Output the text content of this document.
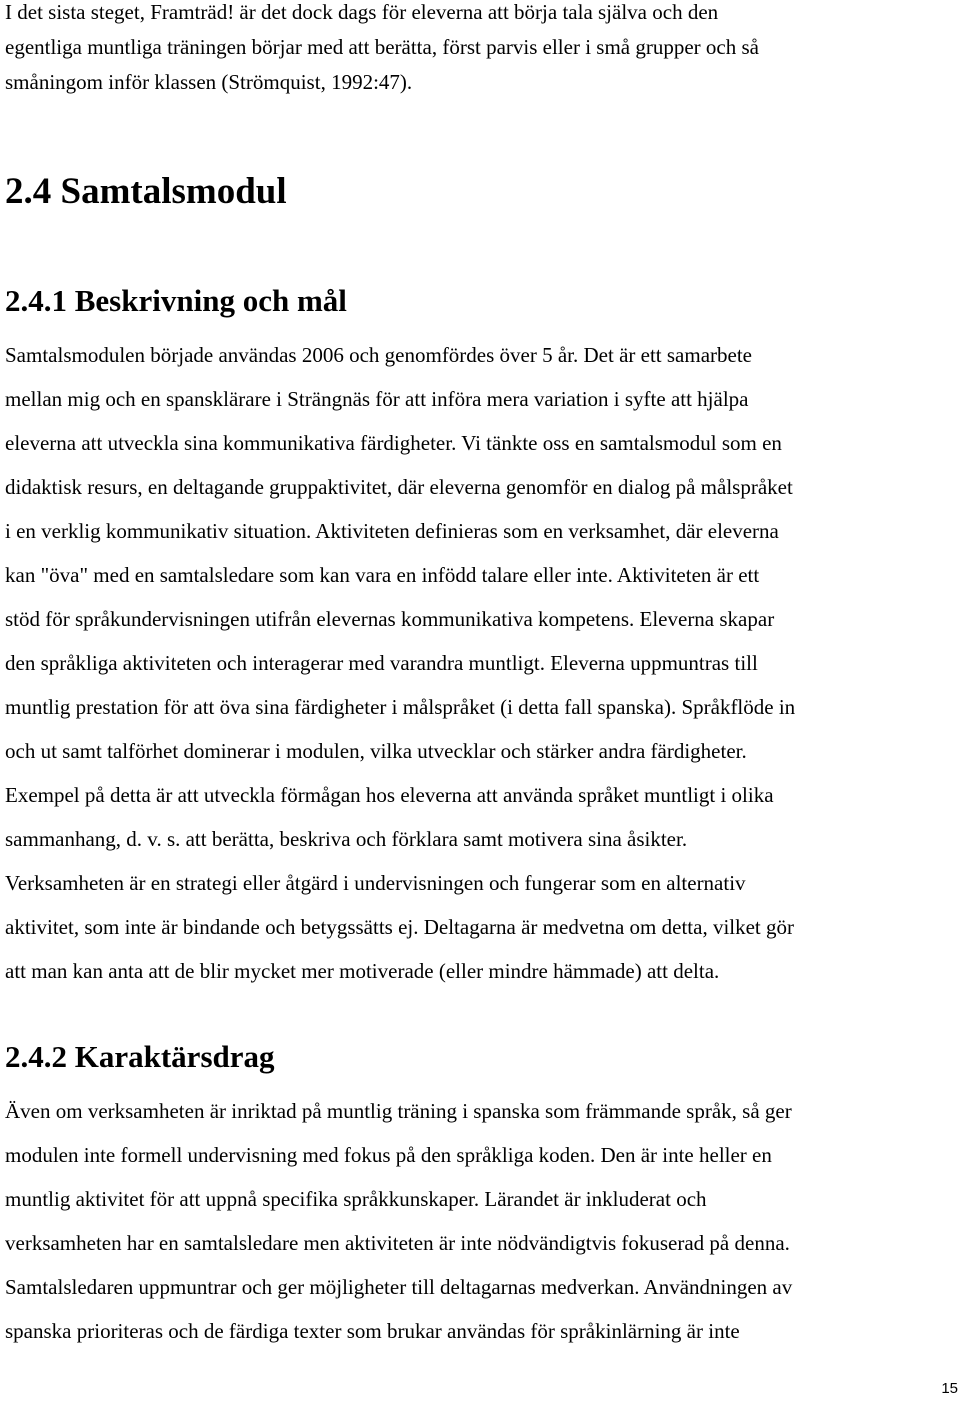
I det sista steget, Framträd! är det dock dags för eleverna att börja tala själva och den
egentliga muntliga träningen börjar med att berätta, först parvis eller i små grupper och så
småningom inför klassen (Strömquist, 1992:47).

2.4 Samtalsmodul
2.4.1 Beskrivning och mål

Samtalsmodulen började användas 2006 och genomfördes över 5 år. Det är ett samarbete
mellan mig och en spansklärare i Strängnäs för att införa mera variation i syfte att hjälpa
eleverna att utveckla sina kommunikativa färdigheter. Vi tänkte oss en samtalsmodul som en
didaktisk resurs, en deltagande gruppaktivitet, där eleverna genomför en dialog på målspråket
i en verklig kommunikativ situation. Aktiviteten definieras som en verksamhet, där eleverna
kan "öva" med en samtalsledare som kan vara en infödd talare eller inte. Aktiviteten är ett
stöd för språkundervisningen utifrån elevernas kommunikativa kompetens. Eleverna skapar
den språkliga aktiviteten och interagerar med varandra muntligt. Eleverna uppmuntras till
muntlig prestation för att öva sina färdigheter i målspråket (i detta fall spanska). Språkflöde in
och ut samt talförhet dominerar i modulen, vilka utvecklar och stärker andra färdigheter.
Exempel på detta är att utveckla förmågan hos eleverna att använda språket muntligt i olika
sammanhang, d. v. s. att berätta, beskriva och förklara samt motivera sina åsikter.
Verksamheten är en strategi eller åtgärd i undervisningen och fungerar som en alternativ
aktivitet, som inte är bindande och betygssätts ej. Deltagarna är medvetna om detta, vilket gör
att man kan anta att de blir mycket mer motiverade (eller mindre hämmade) att delta.

2.4.2 Karaktärsdrag

Även om verksamheten är inriktad på muntlig träning i spanska som främmande språk, så ger
modulen inte formell undervisning med fokus på den språkliga koden. Den är inte heller en
muntlig aktivitet för att uppnå specifika språkkunskaper. Lärandet är inkluderat och
verksamheten har en samtalsledare men aktiviteten är inte nödvändigtvis fokuserad på denna.
Samtalsledaren uppmuntrar och ger möjligheter till deltagarnas medverkan. Användningen av
spanska prioriteras och de färdiga texter som brukar användas för språkinlärning är inte

15
